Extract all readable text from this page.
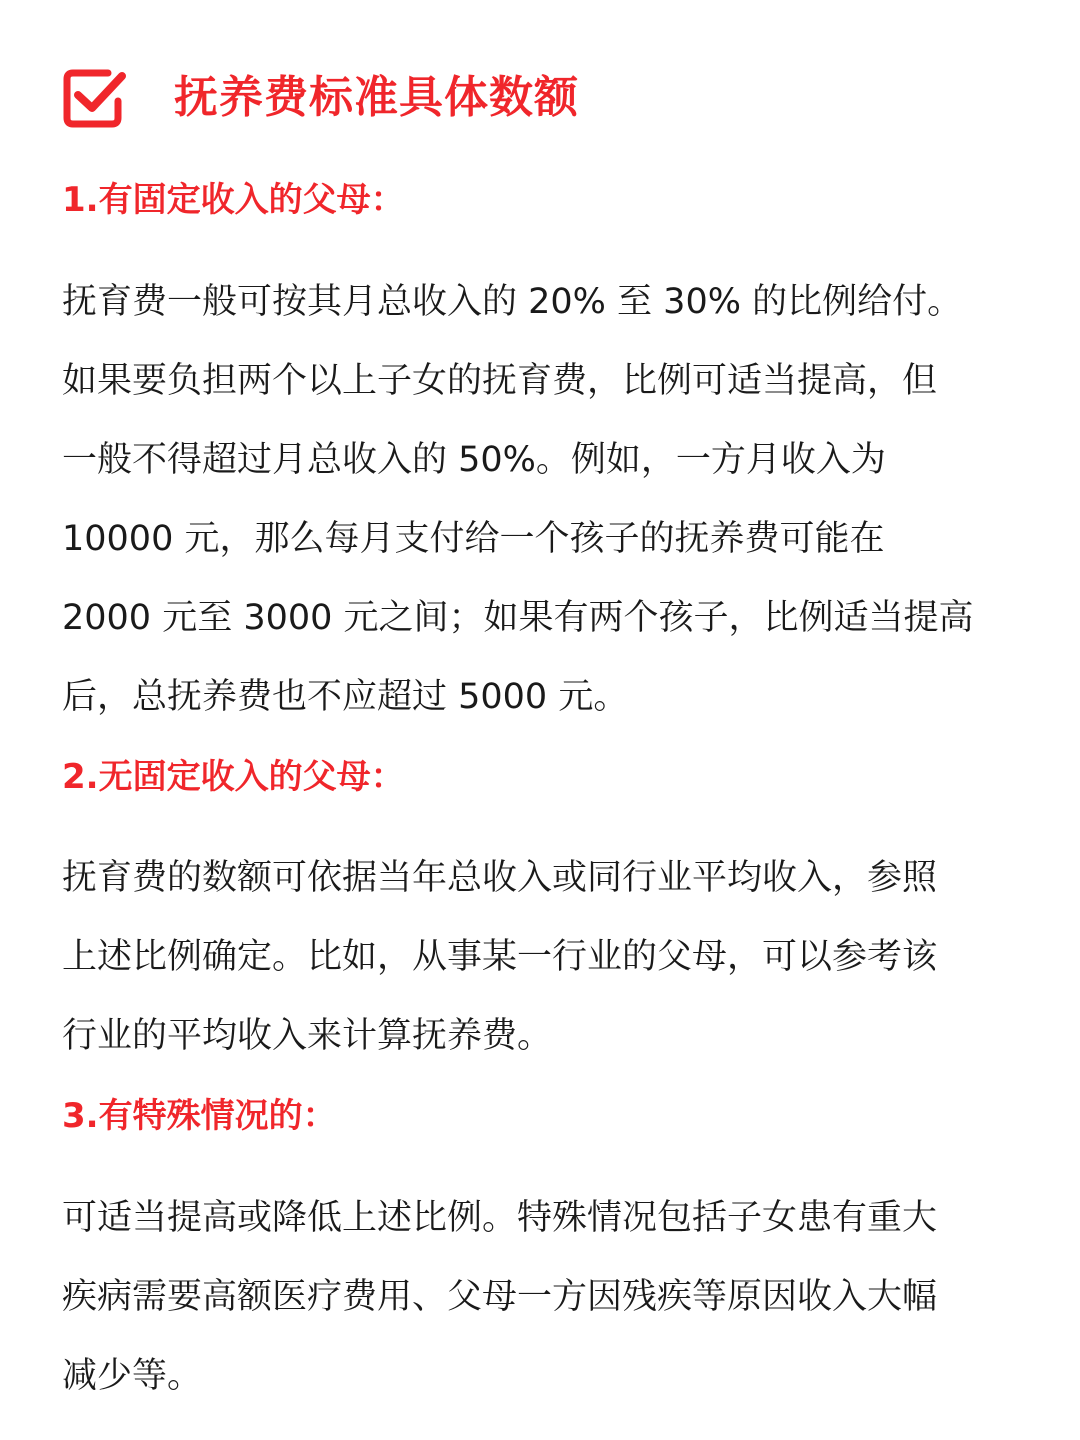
抚养费标准具体数额
1.有固定收入的父母：
抚育费一般可按其月总收入的 20% 至 30% 的比例给付。
如果要负担两个以上子女的抚育费，比例可适当提高，但
一般不得超过月总收入的 50%。例如，一方月收入为
10000 元，那么每月支付给一个孩子的抚养费可能在
2000 元至 3000 元之间；如果有两个孩子，比例适当提高
后，总抚养费也不应超过 5000 元。
2.无固定收入的父母：
抚育费的数额可依据当年总收入或同行业平均收入，参照
上述比例确定。比如，从事某一行业的父母，可以参考该
行业的平均收入来计算抚养费。
3.有特殊情况的：
可适当提高或降低上述比例。特殊情况包括子女患有重大
疾病需要高额医疗费用、父母一方因残疾等原因收入大幅
减少等。
